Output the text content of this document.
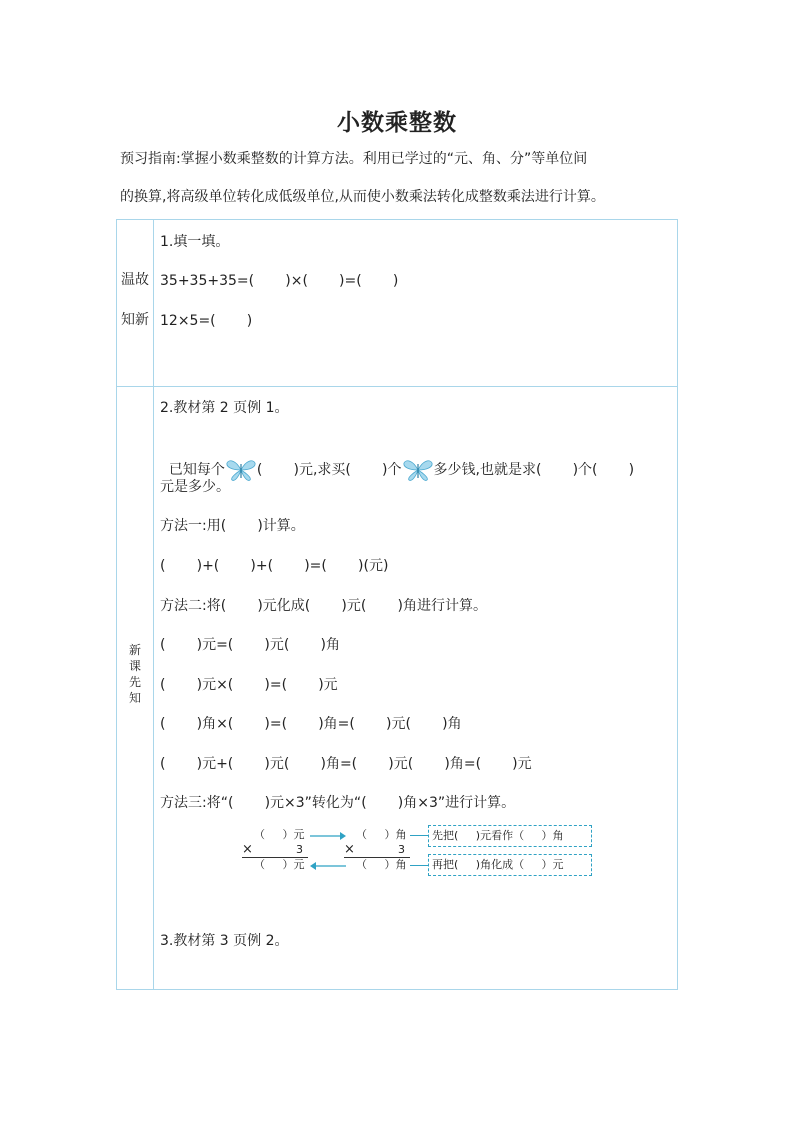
小数乘整数
预习指南:掌握小数乘整数的计算方法。利用已学过的“元、角、分”等单位间
的换算,将高级单位转化成低级单位,从而使小数乘法转化成整数乘法进行计算。
温故
知新
1.填一填。
35+35+35=(       )×(       )=(       )
12×5=(       )
新课先知
2.教材第 2 页例 1。

已知每个 (       )元,求买(       )个 多少钱,也就是求(       )个(       )

元是多少。
方法一:用(       )计算。
(       )+(       )+(       )=(       )(元)
方法二:将(       )元化成(       )元(       )角进行计算。
(       )元=(       )元(       )角
(       )元×(       )=(       )元
(       )角×(       )=(       )角=(       )元(       )角
(       )元+(       )元(       )角=(       )元(       )角=(       )元
方法三:将“(       )元×3”转化为“(       )角×3”进行计算。
（     ）元
×	3
（     ）元
（     ）角
×	3
（     ）角
先把(     )元看作（     ）角
再把(     )角化成（     ）元
3.教材第 3 页例 2。
